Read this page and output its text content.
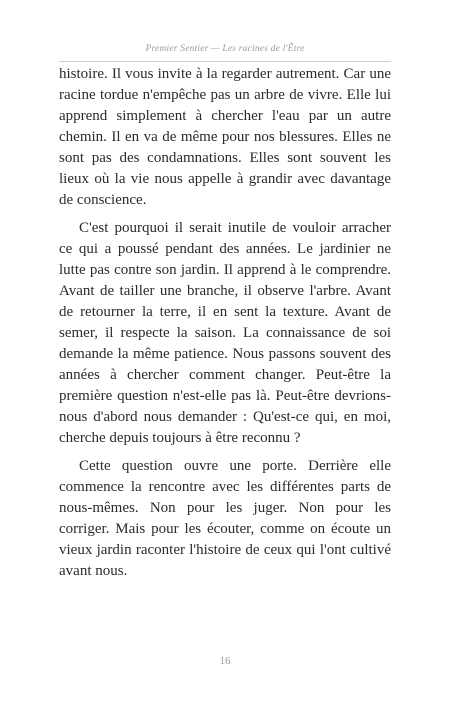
Premier Sentier — Les racines de l'Être

histoire. Il vous invite à la regarder autrement. Car une racine tordue n'empêche pas un arbre de vivre. Elle lui apprend simplement à chercher l'eau par un autre chemin. Il en va de même pour nos blessures. Elles ne sont pas des condamnations. Elles sont souvent les lieux où la vie nous appelle à grandir avec davantage de conscience.

C'est pourquoi il serait inutile de vouloir arracher ce qui a poussé pendant des années. Le jardinier ne lutte pas contre son jardin. Il apprend à le comprendre. Avant de tailler une branche, il observe l'arbre. Avant de retourner la terre, il en sent la texture. Avant de semer, il respecte la saison. La connaissance de soi demande la même patience. Nous passons souvent des années à chercher comment changer. Peut-être la première question n'est-elle pas là. Peut-être devrions-nous d'abord nous demander : Qu'est-ce qui, en moi, cherche depuis toujours à être reconnu ?

Cette question ouvre une porte. Derrière elle commence la rencontre avec les différentes parts de nous-mêmes. Non pour les juger. Non pour les corriger. Mais pour les écouter, comme on écoute un vieux jardin raconter l'histoire de ceux qui l'ont cultivé avant nous.

16
